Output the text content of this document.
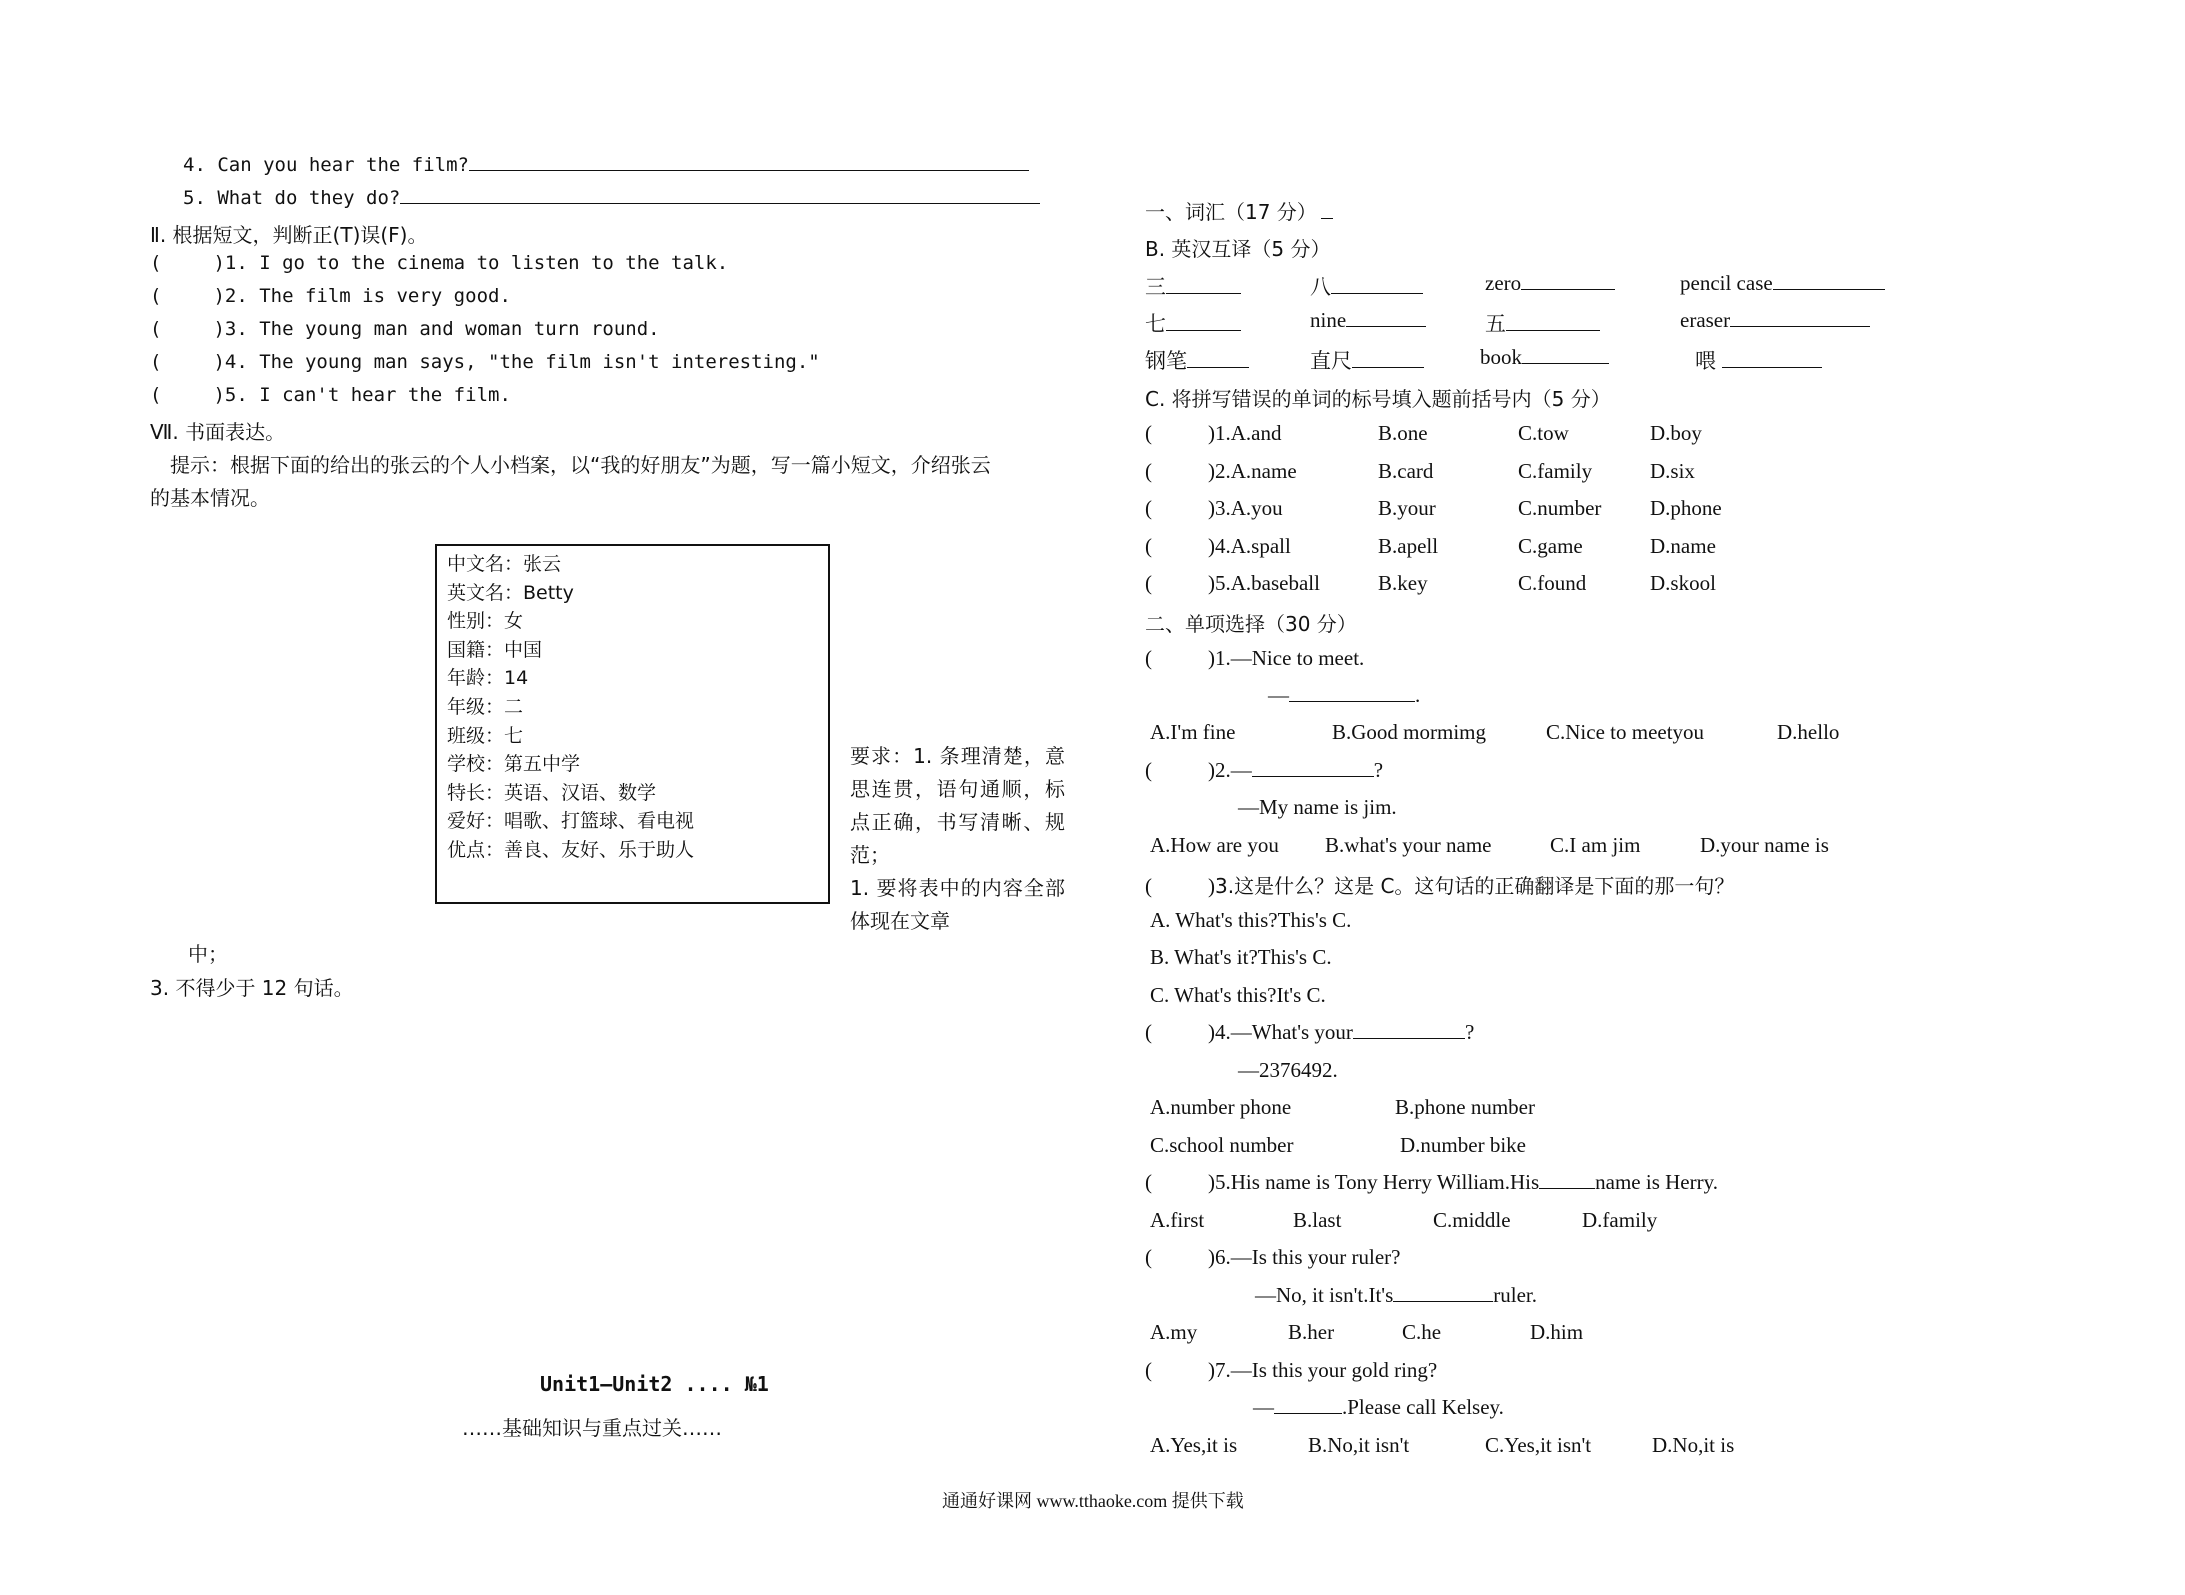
4. Can you hear the film?
5. What do they do?
Ⅱ. 根据短文，判断正(T)误(F)。
(	)1. I go to the cinema to listen to the talk.
(	)2. The film is very good.
(	)3. The young man and woman turn round.
(	)4. The young man says, "the film isn't interesting."
(	)5. I can't hear the film.
Ⅶ. 书面表达。
提示：根据下面的给出的张云的个人小档案，以“我的好朋友”为题，写一篇小短文，介绍张云
的基本情况。
中文名：张云
英文名：Betty
性别：女
国籍：中国
年龄：14
年级：二
班级：七
学校：第五中学
特长：英语、汉语、数学
爱好：唱歌、打篮球、看电视
优点：善良、友好、乐于助人
要求：1. 条理清楚，意思连贯，语句通顺，标点正确，书写清晰、规范；
1. 要将表中的内容全部体现在文章
中；
3. 不得少于 12 句话。
Unit1—Unit2 .... №1
……基础知识与重点过关……
一、词汇（17 分）
B. 英汉互译（5 分）
三	八	zero	pencil case
七	nine	五	eraser
钢笔	直尺	book	喂
C. 将拼写错误的单词的标号填入题前括号内（5 分）
(	)1.A.and	B.one	C.tow	D.boy
(	)2.A.name	B.card	C.family	D.six
(	)3.A.you	B.your	C.number D.phone
(	)4.A.spall	B.apell	C.game	D.name
(	)5.A.baseball	B.key	C.found	D.skool
二、单项选择（30 分）
(	)1.—Nice to meet.
—	.
A.I'm fine	B.Good mormimg	C.Nice to meetyou	D.hello
(	)2.—	?
—My name is jim.
A.How are you B.what's your name	C.I am jim	D.your name is
(	)3.这是什么？这是 C。这句话的正确翻译是下面的那一句？
A. What's this?This's C.
B. What's it?This's C.
C. What's this?It's C.
(	)4.—What's your	?
—2376492.
A.number phone	B.phone number
C.school number	D.number bike
(	)5.His name is Tony Herry William.His	name is Herry.
A.first	B.last	C.middle	D.family
(	)6.—Is this your ruler?
—No, it isn't.It's	ruler.
A.my	B.her	C.he	D.him
(	)7.—Is this your gold ring?
—	.Please call Kelsey.
A.Yes,it is	B.No,it isn't	C.Yes,it isn't	D.No,it is
通通好课网 www.tthaoke.com 提供下载
